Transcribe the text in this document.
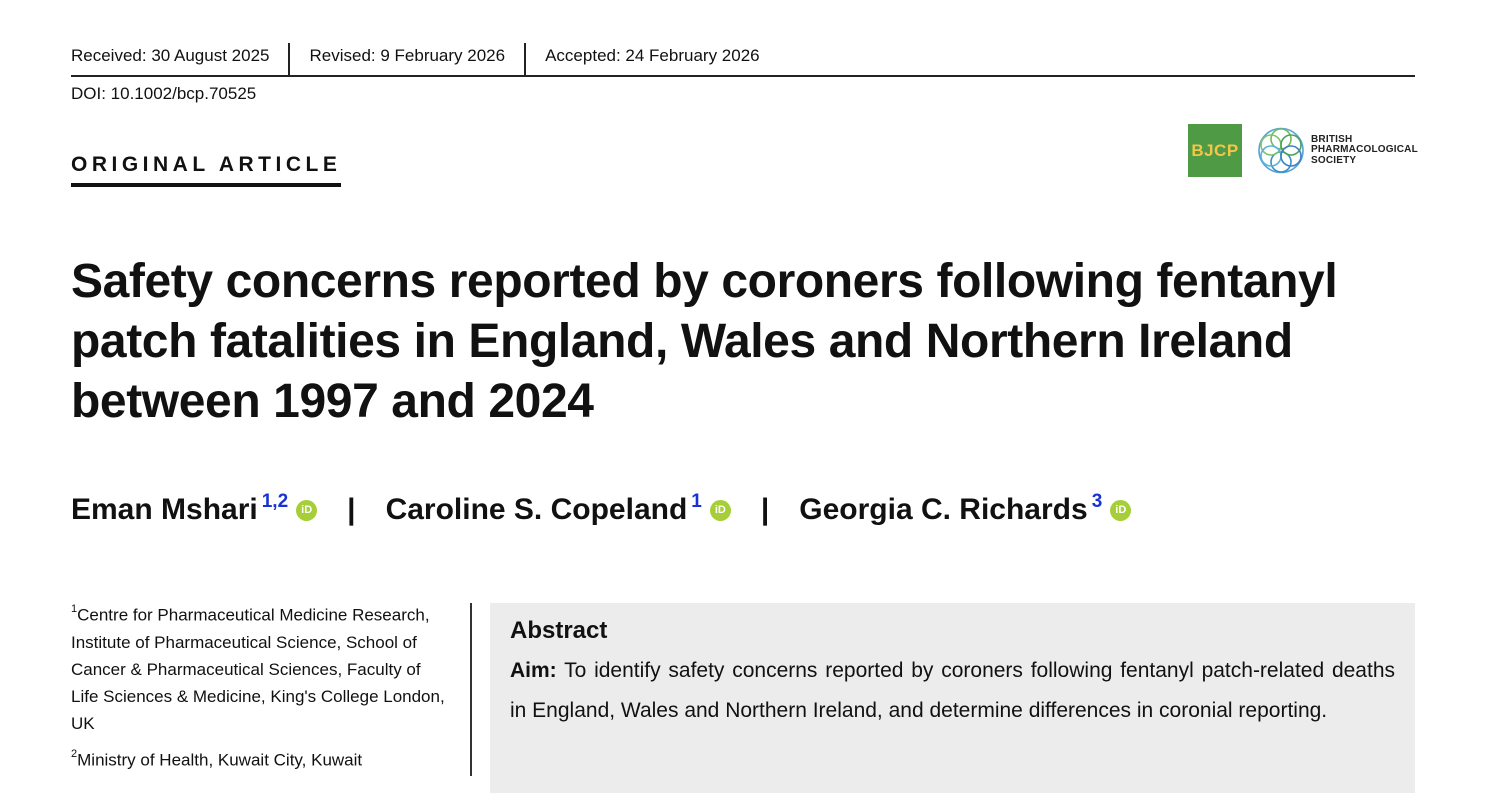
Received: 30 August 2025 Revised: 9 February 2026 Accepted: 24 February 2026
DOI: 10.1002/bcp.70525
ORIGINAL ARTICLE
BJCP
BRITISH
PHARMACOLOGICAL
SOCIETY
Safety concerns reported by coroners following fentanyl patch fatalities in England, Wales and Northern Ireland between 1997 and 2024
Eman Mshari$^{1,2}$	iD | Caroline S. Copeland$^1$	iD | Georgia C. Richards$^3$	iD

$^1$Centre for Pharmaceutical Medicine Research, Institute of Pharmaceutical Science, School of Cancer & Pharmaceutical Sciences, Faculty of Life Sciences & Medicine, King's College London, UK

$^2$Ministry of Health, Kuwait City, Kuwait

Abstract

Aim: To identify safety concerns reported by coroners following fentanyl patch-related deaths in England, Wales and Northern Ireland, and determine differences in coronial reporting.
